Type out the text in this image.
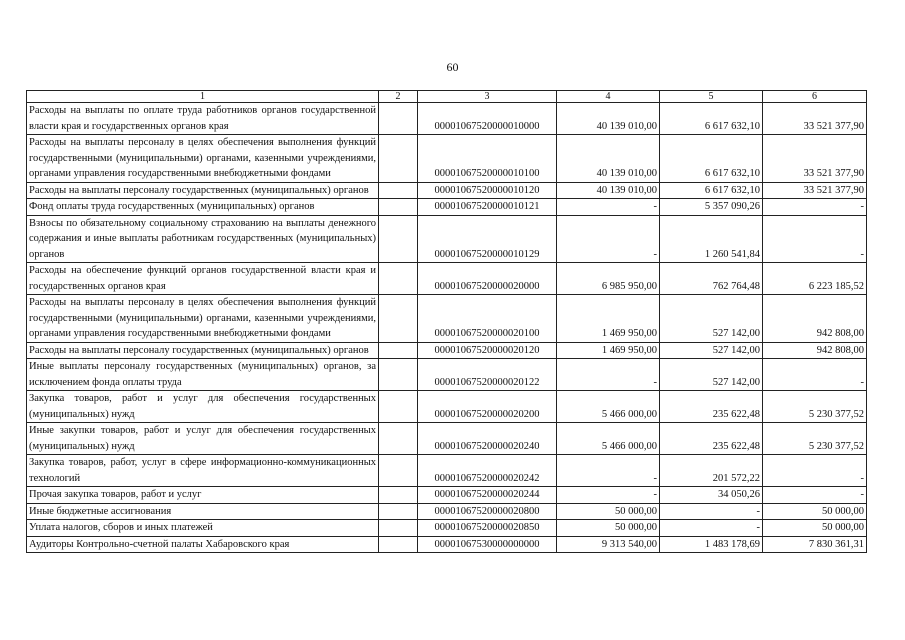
60
1	2	3	4	5	6
Расходы на выплаты по оплате труда работников органов государственной власти края и государственных органов края		00001067520000010000	40 139 010,00	6 617 632,10	33 521 377,90
Расходы на выплаты персоналу в целях обеспечения выполнения функций государственными (муниципальными) органами, казенными учреждениями, органами управления государственными внебюджетными фондами		00001067520000010100	40 139 010,00	6 617 632,10	33 521 377,90
Расходы на выплаты персоналу государственных (муниципальных) органов		00001067520000010120	40 139 010,00	6 617 632,10	33 521 377,90
Фонд оплаты труда государственных (муниципальных) органов		00001067520000010121	-	5 357 090,26	-
Взносы по обязательному социальному страхованию на выплаты денежного содержания и иные выплаты работникам государственных (муниципальных) органов		00001067520000010129	-	1 260 541,84	-
Расходы на обеспечение функций органов государственной власти края и государственных органов края		00001067520000020000	6 985 950,00	762 764,48	6 223 185,52
Расходы на выплаты персоналу в целях обеспечения выполнения функций государственными (муниципальными) органами, казенными учреждениями, органами управления государственными внебюджетными фондами		00001067520000020100	1 469 950,00	527 142,00	942 808,00
Расходы на выплаты персоналу государственных (муниципальных) органов		00001067520000020120	1 469 950,00	527 142,00	942 808,00
Иные выплаты персоналу государственных (муниципальных) органов, за исключением фонда оплаты труда		00001067520000020122	-	527 142,00	-
Закупка товаров, работ и услуг для обеспечения государственных (муниципальных) нужд		00001067520000020200	5 466 000,00	235 622,48	5 230 377,52
Иные закупки товаров, работ и услуг для обеспечения государственных (муниципальных) нужд		00001067520000020240	5 466 000,00	235 622,48	5 230 377,52
Закупка товаров, работ, услуг в сфере информационно-коммуникационных технологий		00001067520000020242	-	201 572,22	-
Прочая закупка товаров, работ и услуг		00001067520000020244	-	34 050,26	-
Иные бюджетные ассигнования		00001067520000020800	50 000,00	-	50 000,00
Уплата налогов, сборов и иных платежей		00001067520000020850	50 000,00	-	50 000,00
Аудиторы Контрольно-счетной палаты Хабаровского края		00001067530000000000	9 313 540,00	1 483 178,69	7 830 361,31
